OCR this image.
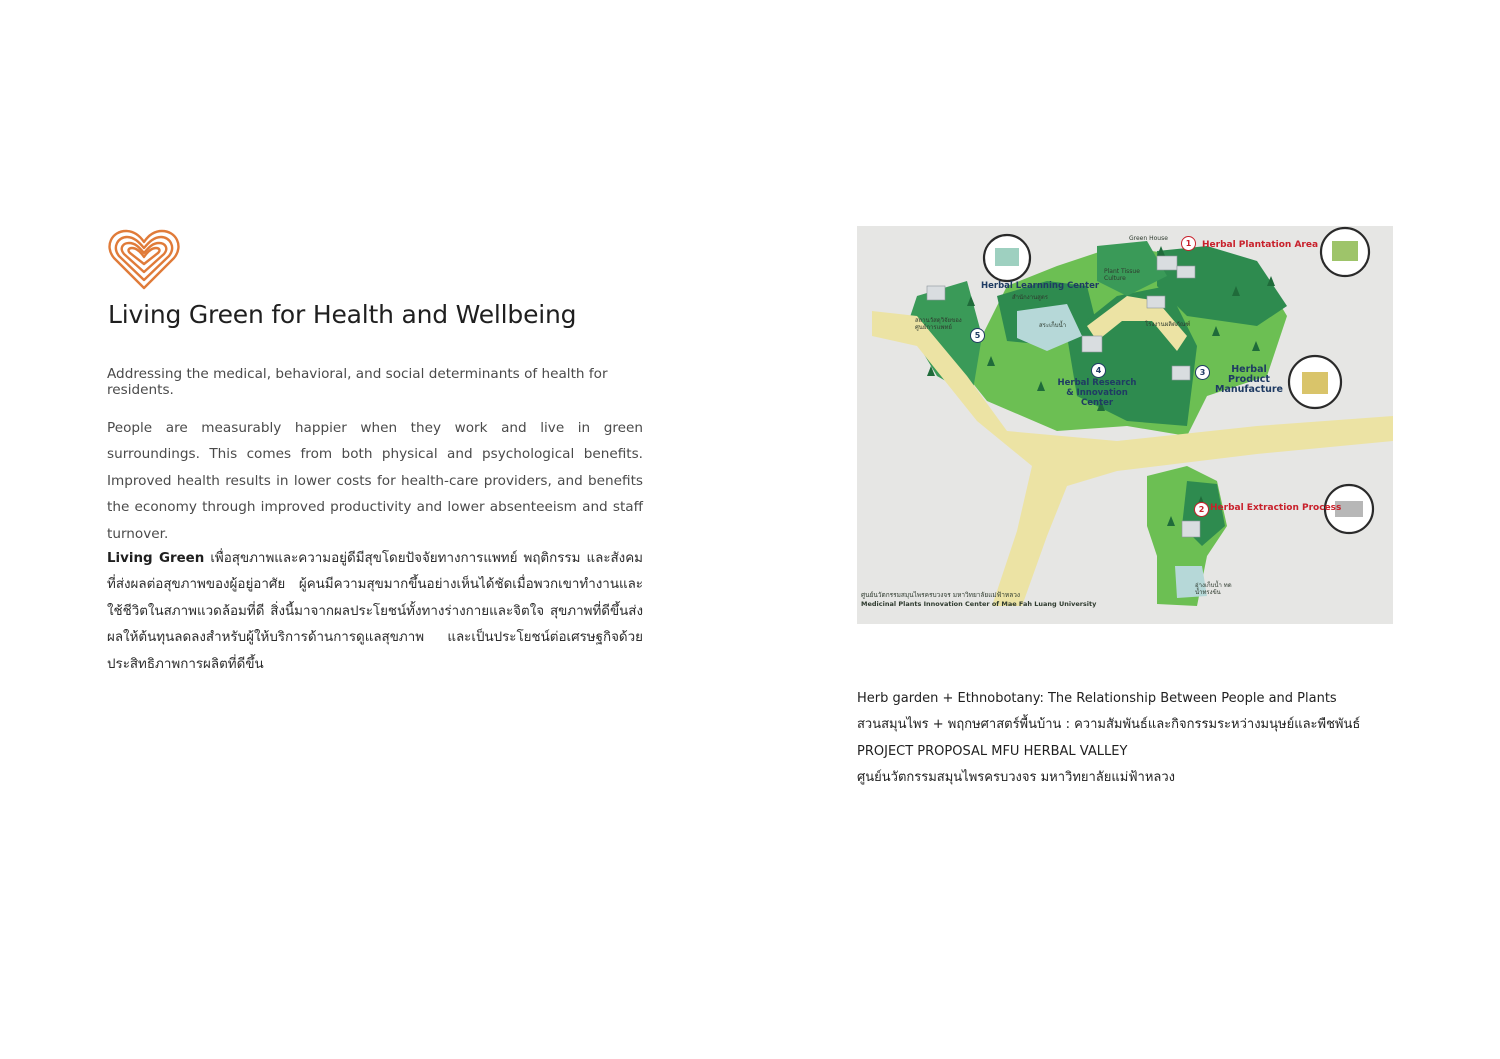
Living Green for Health and Wellbeing

Addressing the medical, behavioral, and social determinants of health for residents.

People are measurably happier when they work and live in green surroundings. This comes from both physical and psychological benefits. Improved health results in lower costs for health-care providers, and benefits the economy through improved productivity and lower absenteeism and staff turnover.

Living Green เพื่อสุขภาพและความอยู่ดีมีสุขโดยปัจจัยทางการแพทย์ พฤติกรรม และสังคมที่ส่งผลต่อสุขภาพของผู้อยู่อาศัย ผู้คนมีความสุขมากขึ้นอย่างเห็นได้ชัดเมื่อพวกเขาทำงานและใช้ชีวิตในสภาพแวดล้อมที่ดี สิ่งนี้มาจากผลประโยชน์ทั้งทางร่างกายและจิตใจ สุขภาพที่ดีขึ้นส่งผลให้ต้นทุนลดลงสำหรับผู้ให้บริการด้านการดูแลสุขภาพ และเป็นประโยชน์ต่อเศรษฐกิจด้วยประสิทธิภาพการผลิตที่ดีขึ้น

1	Herbal Plantation Area
2 Herbal Extraction Process
3	Herbal Product Manufacture
4
Herbal Research & Innovation Center
5
Herbal Learnning Center
Green House
Plant Tissue Culture
สำนักงานสูตร
สระเก็บน้ำ	โรงงานผลิตภัณฑ์
สถานวัสดุวิจัยของ ศูนย์การแพทย์
อ่างเก็บน้ำ ทดน้ำทรงข้น
ศูนย์นวัตกรรมสมุนไพรครบวงจร มหาวิทยาลัยแม่ฟ้าหลวง
Medicinal Plants Innovation Center of Mae Fah Luang University

Herb garden + Ethnobotany: The Relationship Between People and Plants

สวนสมุนไพร + พฤกษศาสตร์พื้นบ้าน : ความสัมพันธ์และกิจกรรมระหว่างมนุษย์และพืชพันธ์

PROJECT PROPOSAL MFU HERBAL VALLEY

ศูนย์นวัตกรรมสมุนไพรครบวงจร มหาวิทยาลัยแม่ฟ้าหลวง
